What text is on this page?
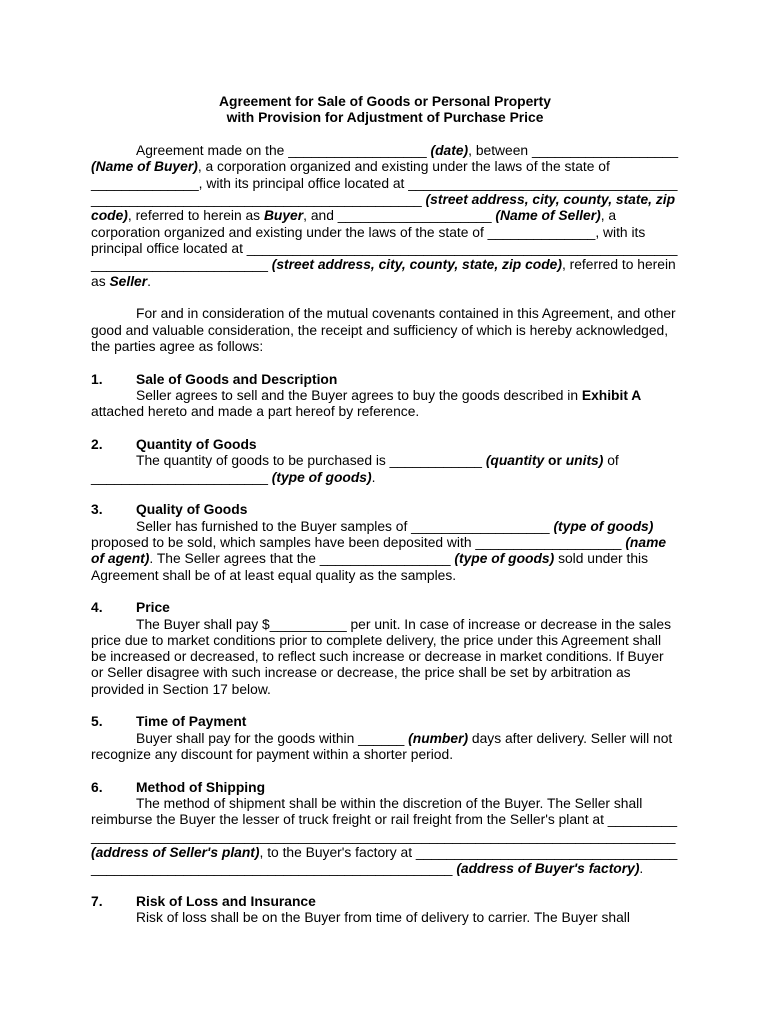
Agreement for Sale of Goods or Personal Property
with Provision for Adjustment of Purchase Price
Agreement made on the __________________ (date), between ___________________
(Name of Buyer), a corporation organized and existing under the laws of the state of
______________, with its principal office located at ___________________________________
___________________________________________ (street address, city, county, state, zip
code), referred to herein as Buyer, and ____________________ (Name of Seller), a
corporation organized and existing under the laws of the state of ______________, with its
principal office located at ________________________________________________________
_______________________ (street address, city, county, state, zip code), referred to herein
as Seller.
For and in consideration of the mutual covenants contained in this Agreement, and other
good and valuable consideration, the receipt and sufficiency of which is hereby acknowledged,
the parties agree as follows:
1. Sale of Goods and Description
Seller agrees to sell and the Buyer agrees to buy the goods described in Exhibit A
attached hereto and made a part hereof by reference.
2. Quantity of Goods
The quantity of goods to be purchased is ____________ (quantity or units) of
_______________________ (type of goods).
3. Quality of Goods
Seller has furnished to the Buyer samples of __________________ (type of goods)
proposed to be sold, which samples have been deposited with ___________________ (name
of agent). The Seller agrees that the _________________ (type of goods) sold under this
Agreement shall be of at least equal quality as the samples.
4. Price
The Buyer shall pay $__________ per unit. In case of increase or decrease in the sales
price due to market conditions prior to complete delivery, the price under this Agreement shall
be increased or decreased, to reflect such increase or decrease in market conditions. If Buyer
or Seller disagree with such increase or decrease, the price shall be set by arbitration as
provided in Section 17 below.
5. Time of Payment
Buyer shall pay for the goods within ______ (number) days after delivery. Seller will not
recognize any discount for payment within a shorter period.
6. Method of Shipping
The method of shipment shall be within the discretion of the Buyer. The Seller shall
reimburse the Buyer the lesser of truck freight or rail freight from the Seller's plant at _________
____________________________________________________________________________
(address of Seller's plant), to the Buyer's factory at __________________________________
_______________________________________________ (address of Buyer's factory).
7. Risk of Loss and Insurance
Risk of loss shall be on the Buyer from time of delivery to carrier. The Buyer shall
